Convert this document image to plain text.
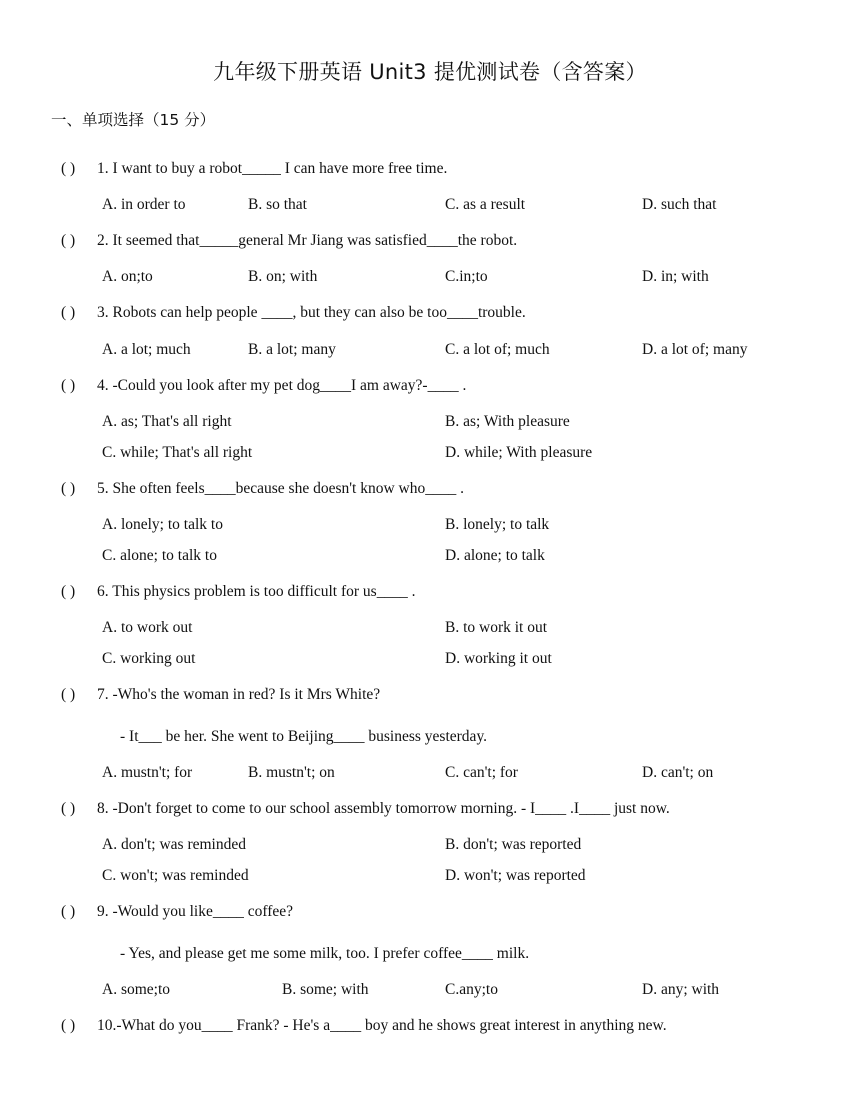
九年级下册英语 Unit3 提优测试卷（含答案）
一、单项选择（15 分）
( ) 1. I want to buy a robot_____ I can have more free time.
A. in order to	B. so that	C. as a result	D. such that
( ) 2. It seemed that_____general Mr Jiang was satisfied____the robot.
A. on;to	B. on; with	C.in;to	D. in; with
( ) 3. Robots can help people ____, but they can also be too____trouble.
A. a lot; much	B. a lot; many	C. a lot of; much	D. a lot of; many
( ) 4. -Could you look after my pet dog____I am away?-____ .
A. as; That's all right	B. as; With pleasure
C. while; That's all right	D. while; With pleasure
( ) 5. She often feels____because she doesn't know who____ .
A. lonely; to talk to	B. lonely; to talk
C. alone; to talk to	D. alone; to talk
( ) 6. This physics problem is too difficult for us____ .
A. to work out	B. to work it out
C. working out	D. working it out
( ) 7. -Who's the woman in red? Is it Mrs White?
- It___ be her. She went to Beijing____ business yesterday.
A. mustn't; for	B. mustn't; on	C. can't; for	D. can't; on
( ) 8. -Don't forget to come to our school assembly tomorrow morning. - I____ .I____ just now.
A. don't; was reminded	B. don't; was reported
C. won't; was reminded	D. won't; was reported
( ) 9. -Would you like____ coffee?
- Yes, and please get me some milk, too. I prefer coffee____ milk.
A. some;to	B. some; with	C.any;to	D. any; with
( ) 10.-What do you____ Frank? - He's a____ boy and he shows great interest in anything new.
